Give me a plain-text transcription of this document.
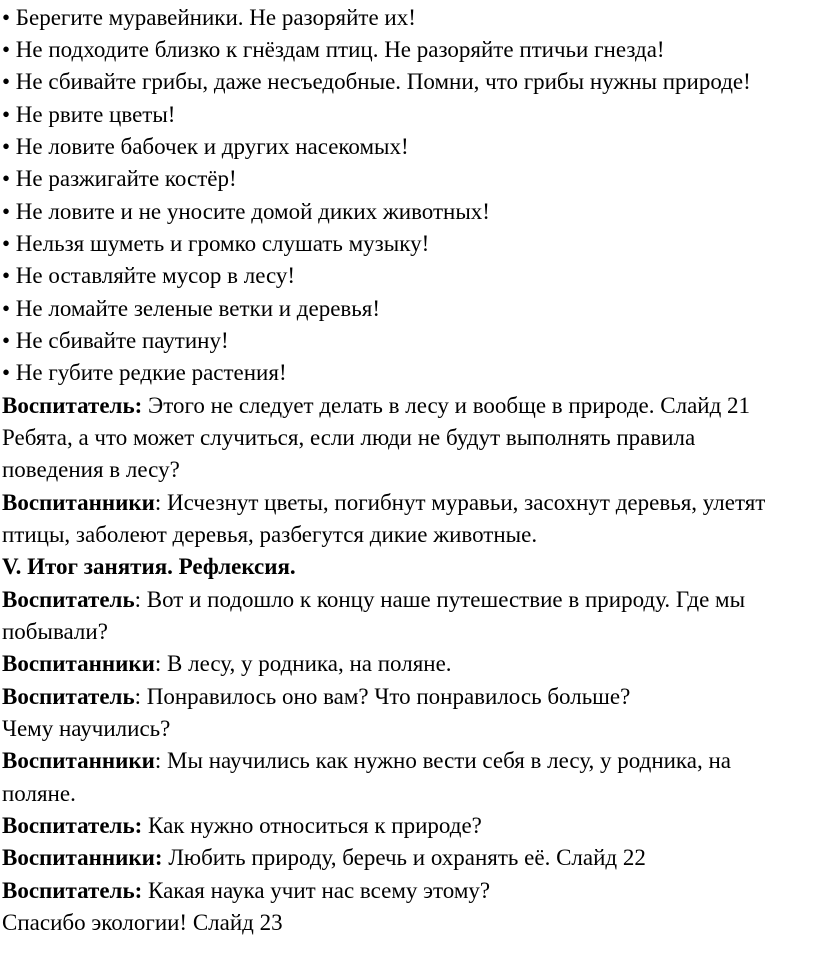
• Берегите муравейники. Не разоряйте их!
• Не подходите близко к гнёздам птиц. Не разоряйте птичьи гнезда!
• Не сбивайте грибы, даже несъедобные. Помни, что грибы нужны природе!
• Не рвите цветы!
• Не ловите бабочек и других насекомых!
• Не разжигайте костёр!
• Не ловите и не уносите домой диких животных!
• Нельзя шуметь и громко слушать музыку!
• Не оставляйте мусор в лесу!
• Не ломайте зеленые ветки и деревья!
• Не сбивайте паутину!
• Не губите редкие растения!
Воспитатель: Этого не следует делать в лесу и вообще в природе. Слайд 21
Ребята, а что может случиться, если люди не будут выполнять правила
поведения в лесу?
Воспитанники: Исчезнут цветы, погибнут муравьи, засохнут деревья, улетят
птицы, заболеют деревья, разбегутся дикие животные.
V. Итог занятия. Рефлексия.
Воспитатель: Вот и подошло к концу наше путешествие в природу. Где мы
побывали?
Воспитанники: В лесу, у родника, на поляне.
Воспитатель: Понравилось оно вам? Что понравилось больше?
Чему научились?
Воспитанники: Мы научились как нужно вести себя в лесу, у родника, на
поляне.
Воспитатель: Как нужно относиться к природе?
Воспитанники: Любить природу, беречь и охранять её. Слайд 22
Воспитатель: Какая наука учит нас всему этому?
Спасибо экологии! Слайд 23
